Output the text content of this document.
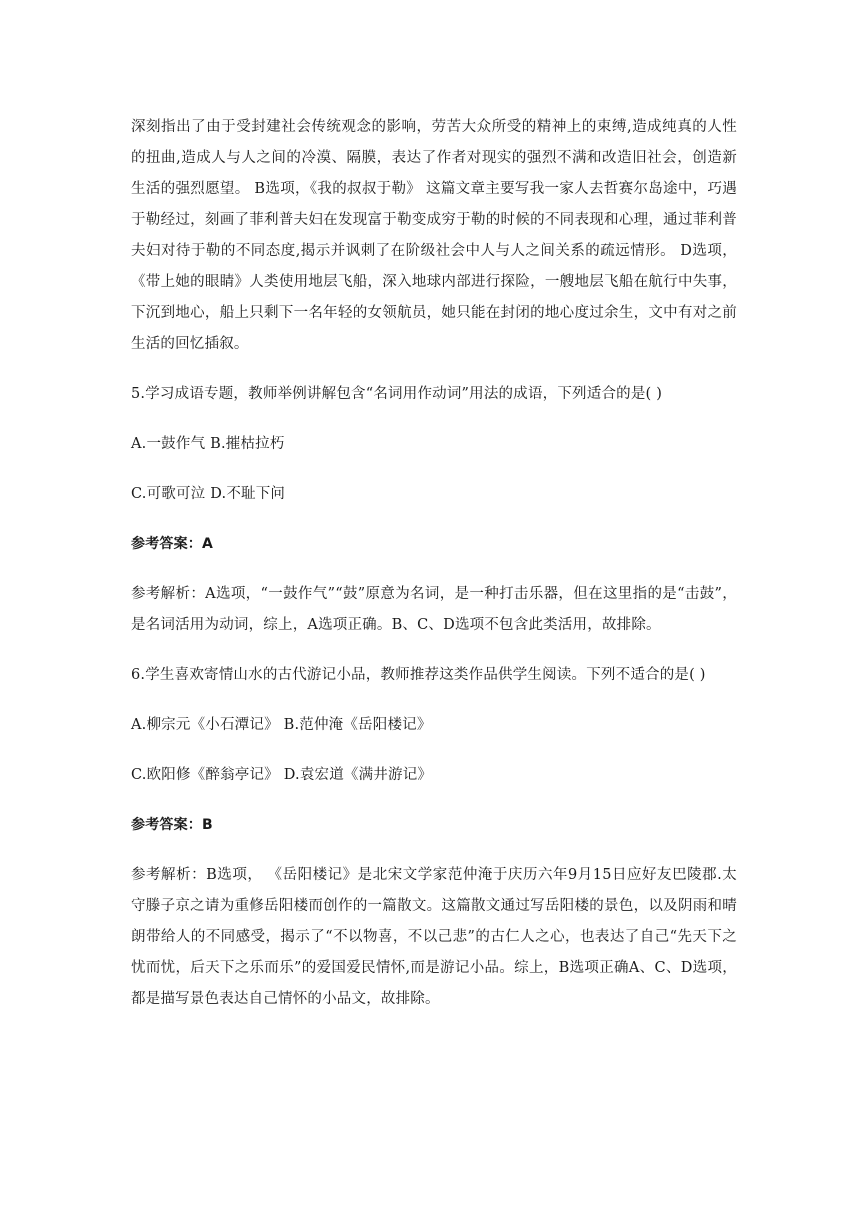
深刻指出了由于受封建社会传统观念的影响，劳苦大众所受的精神上的束缚,造成纯真的人性的扭曲,造成人与人之间的冷漠、隔膜，表达了作者对现实的强烈不满和改造旧社会，创造新生活的强烈愿望。 B选项，《我的叔叔于勒》 这篇文章主要写我一家人去哲赛尔岛途中，巧遇于勒经过，刻画了菲利普夫妇在发现富于勒变成穷于勒的时候的不同表现和心理，通过菲利普夫妇对待于勒的不同态度,揭示并讽刺了在阶级社会中人与人之间关系的疏远情形。 D选项，《带上她的眼睛》人类使用地层飞船，深入地球内部进行探险，一艘地层飞船在航行中失事，下沉到地心，船上只剩下一名年轻的女领航员，她只能在封闭的地心度过余生，文中有对之前生活的回忆插叙。

5.学习成语专题，教师举例讲解包含“名词用作动词”用法的成语，下列适合的是( )

A.一鼓作气 B.摧枯拉朽

C.可歌可泣 D.不耻下问

参考答案：A

参考解析：A选项，“一鼓作气”“鼓”原意为名词，是一种打击乐器，但在这里指的是“击鼓”，是名词活用为动词，综上，A选项正确。B、C、D选项不包含此类活用，故排除。

6.学生喜欢寄情山水的古代游记小品，教师推荐这类作品供学生阅读。下列不适合的是( )

A.柳宗元《小石潭记》 B.范仲淹《岳阳楼记》

C.欧阳修《醉翁亭记》 D.袁宏道《满井游记》

参考答案：B

参考解析：B选项， 《岳阳楼记》是北宋文学家范仲淹于庆历六年9月15日应好友巴陵郡.太守滕子京之请为重修岳阳楼而创作的一篇散文。这篇散文通过写岳阳楼的景色，以及阴雨和晴朗带给人的不同感受，揭示了“不以物喜，不以己悲”的古仁人之心，也表达了自己“先天下之忧而忧，后天下之乐而乐”的爱国爱民情怀,而是游记小品。综上，B选项正确A、C、D选项，都是描写景色表达自己情怀的小品文，故排除。
